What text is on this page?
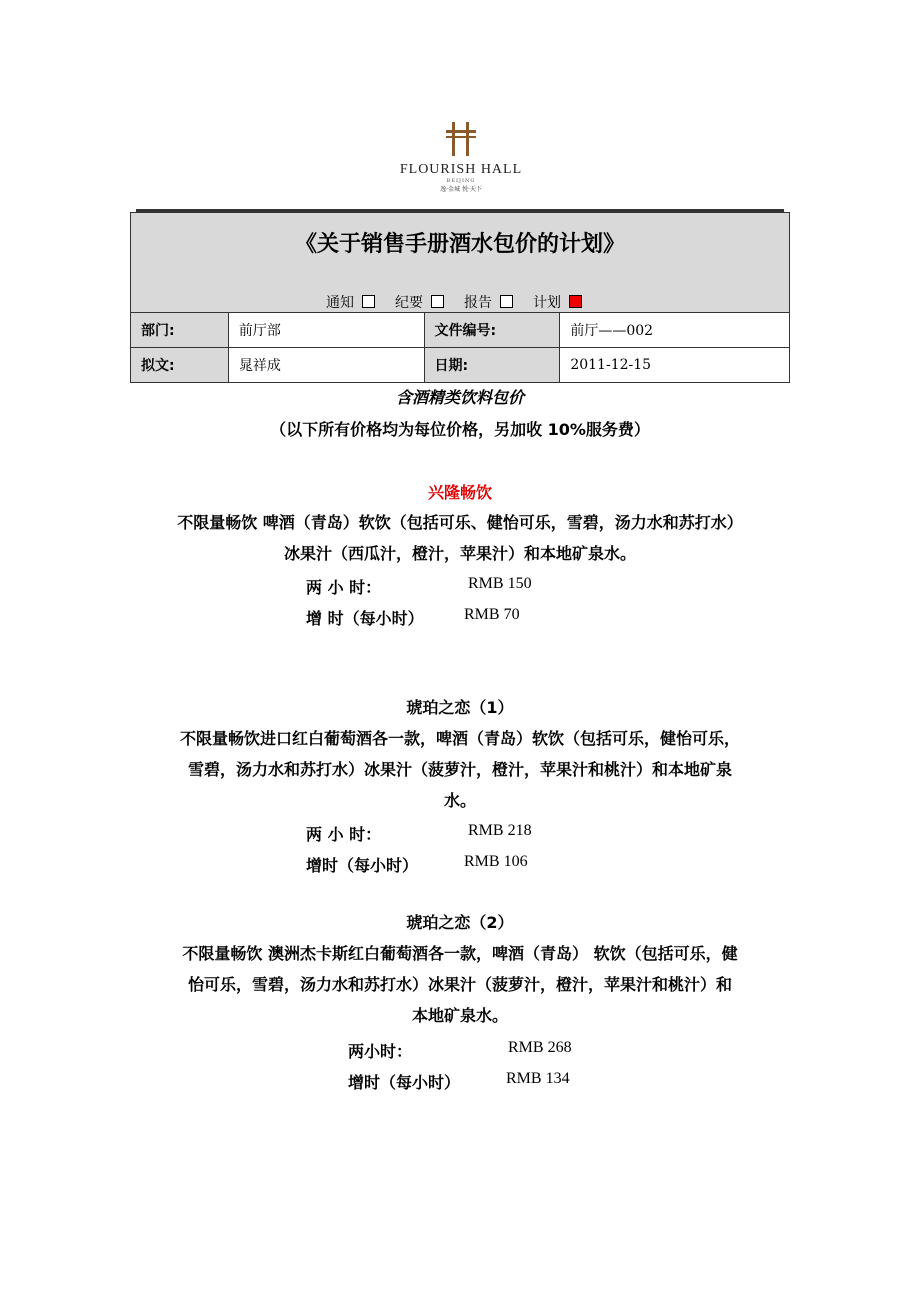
FLOURISH HALL
BEIJING
逸·金城 悦·天下
《关于销售手册酒水包价的计划》
通知 纪要 报告 计划			

部门:	前厅部	文件编号:	前厅——002
拟文:	晁祥成	日期:	2011-12-15
含酒精类饮料包价
（以下所有价格均为每位价格，另加收 10%服务费）
兴隆畅饮
不限量畅饮 啤酒（青岛）软饮（包括可乐、健怡可乐，雪碧，汤力水和苏打水）
冰果汁（西瓜汁，橙汁，苹果汁）和本地矿泉水。
两 小 时：	RMB 150
增 时（每小时）	RMB 70
琥珀之恋（1）
不限量畅饮进口红白葡萄酒各一款，啤酒（青岛）软饮（包括可乐，健怡可乐，
雪碧，汤力水和苏打水）冰果汁（菠萝汁，橙汁，苹果汁和桃汁）和本地矿泉
水。
两 小 时：	RMB 218
增时（每小时）	RMB 106
琥珀之恋（2）
不限量畅饮 澳洲杰卡斯红白葡萄酒各一款，啤酒（青岛） 软饮（包括可乐，健
怡可乐，雪碧，汤力水和苏打水）冰果汁（菠萝汁，橙汁，苹果汁和桃汁）和
本地矿泉水。
两小时：	RMB 268
增时（每小时）	RMB 134
